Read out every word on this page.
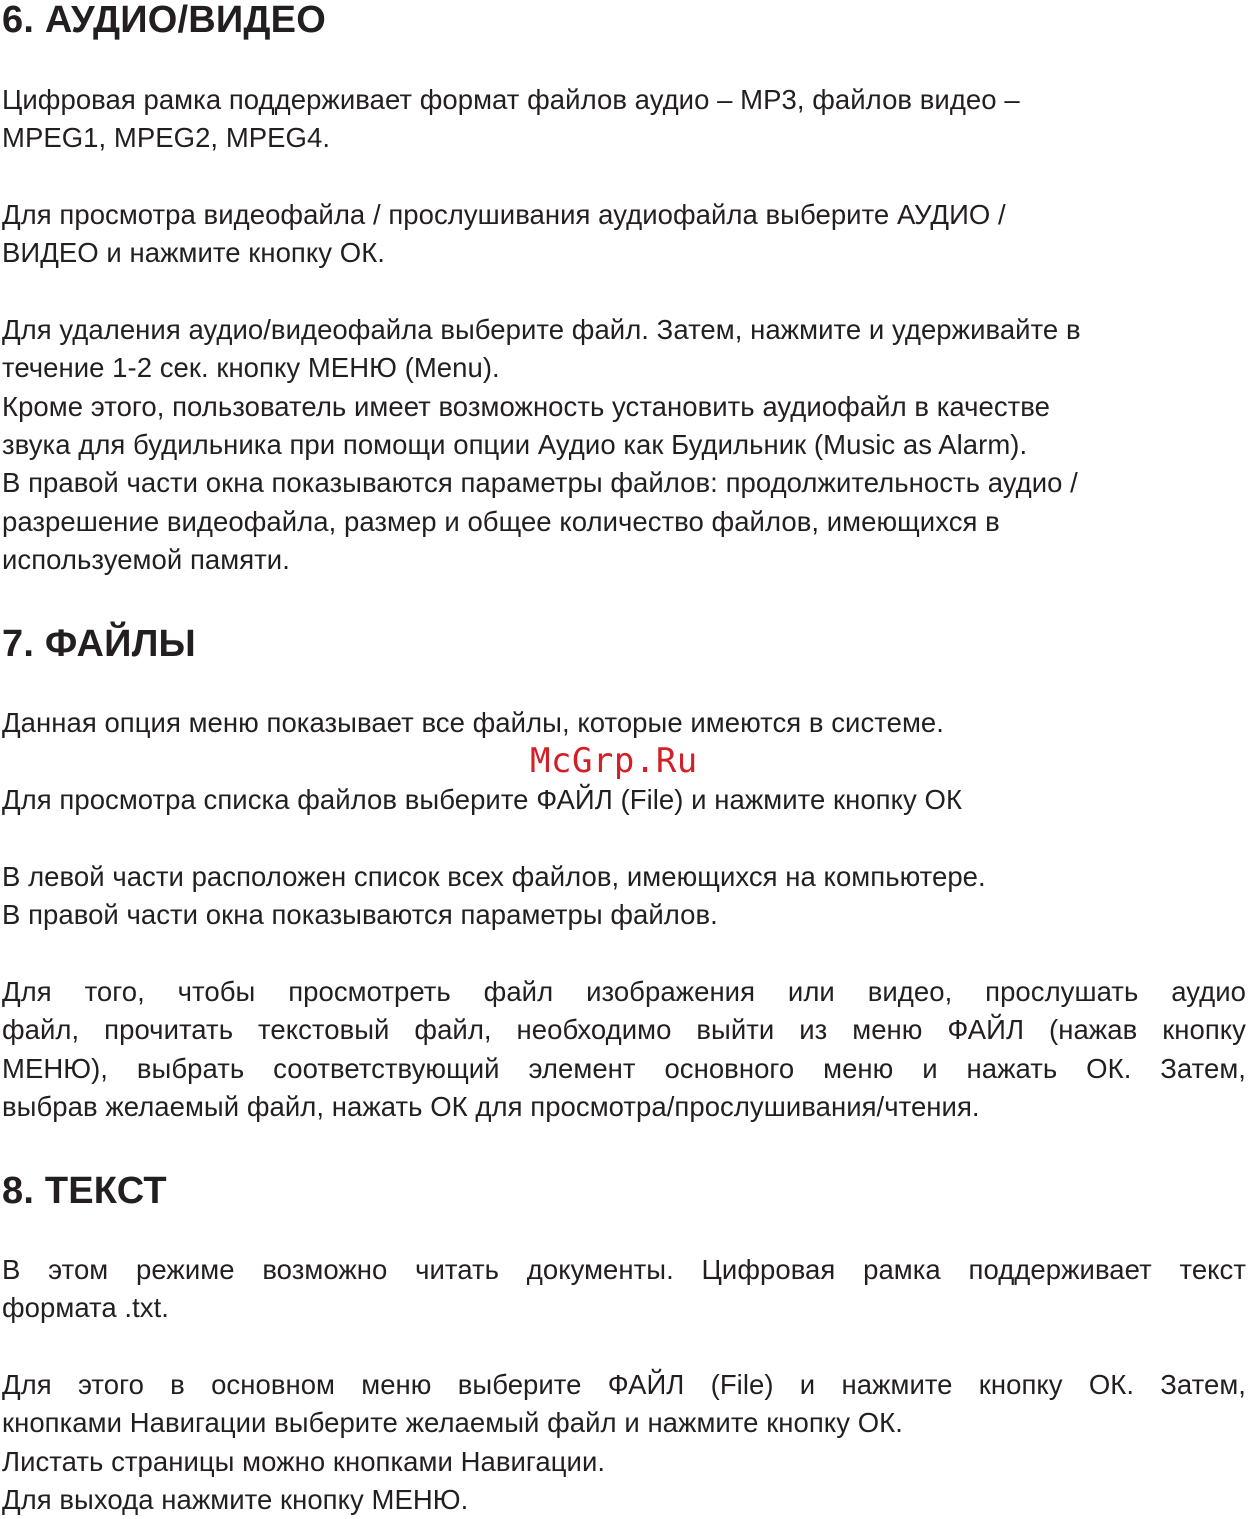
6. АУДИО/ВИДЕО
Цифровая рамка поддерживает формат файлов аудио – MP3, файлов видео –
MPEG1, MPEG2, MPEG4.
Для просмотра видеофайла / прослушивания аудиофайла выберите АУДИО /
ВИДЕО и нажмите кнопку ОК.
Для удаления аудио/видеофайла выберите файл. Затем, нажмите и удерживайте в
течение 1-2 сек. кнопку МЕНЮ (Menu).
Кроме этого, пользователь имеет возможность установить аудиофайл в качестве
звука для будильника при помощи опции Аудио как Будильник (Music as Alarm).
В правой части окна показываются параметры файлов: продолжительность аудио /
разрешение видеофайла, размер и общее количество файлов, имеющихся в
используемой памяти.
7. ФАЙЛЫ
Данная опция меню показывает все файлы, которые имеются в системе.
McGrp.Ru
Для просмотра списка файлов выберите ФАЙЛ (File) и нажмите кнопку ОК
В левой части расположен список всех файлов, имеющихся на компьютере.
В правой части окна показываются параметры файлов.
Для того, чтобы просмотреть файл изображения или видео, прослушать аудио
файл, прочитать текстовый файл, необходимо выйти из меню ФАЙЛ (нажав кнопку
МЕНЮ), выбрать соответствующий элемент основного меню и нажать ОК. Затем,
выбрав желаемый файл, нажать ОК для просмотра/прослушивания/чтения.
8. ТЕКСТ
В этом режиме возможно читать документы. Цифровая рамка поддерживает текст
формата .txt.
Для этого в основном меню выберите ФАЙЛ (File) и нажмите кнопку ОК. Затем,
кнопками Навигации выберите желаемый файл и нажмите кнопку ОК.
Листать страницы можно кнопками Навигации.
Для выхода нажмите кнопку МЕНЮ.
